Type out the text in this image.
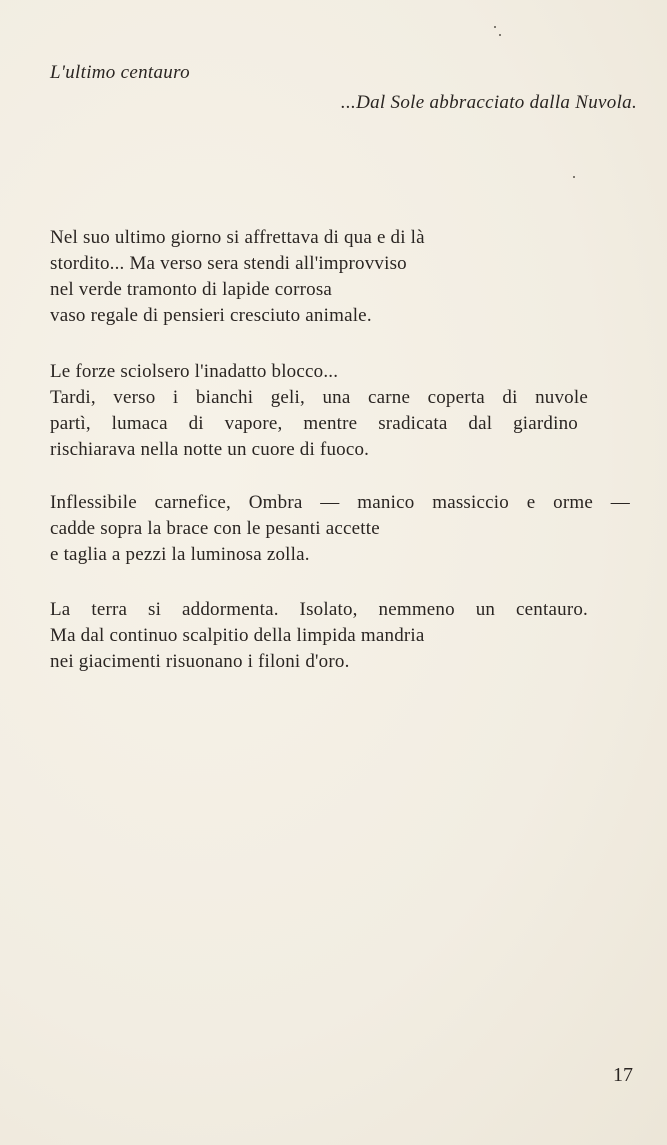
L'ultimo centauro
...Dal Sole abbracciato dalla Nuvola.
Nel suo ultimo giorno si affrettava di qua e di là
stordito... Ma verso sera stendi all'improvviso
nel verde tramonto di lapide corrosa
vaso regale di pensieri cresciuto animale.
Le forze sciolsero l'inadatto blocco...
Tardi, verso i bianchi geli, una carne coperta di nuvole
partì, lumaca di vapore, mentre sradicata dal giardino
rischiarava nella notte un cuore di fuoco.
Inflessibile carnefice, Ombra — manico massiccio e orme —
cadde sopra la brace con le pesanti accette
e taglia a pezzi la luminosa zolla.
La terra si addormenta. Isolato, nemmeno un centauro.
Ma dal continuo scalpitio della limpida mandria
nei giacimenti risuonano i filoni d'oro.
17
